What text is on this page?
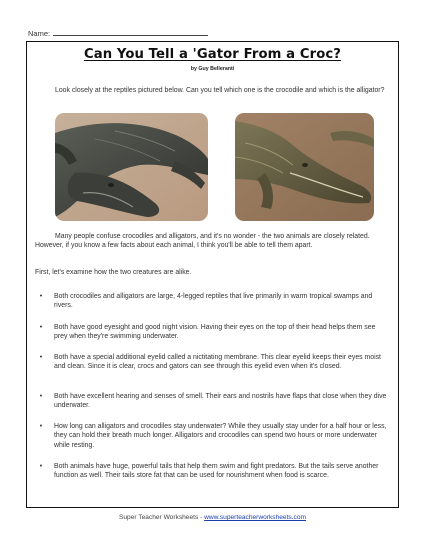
Name:
Can You Tell a 'Gator From a Croc?
by Guy Belleranti
Look closely at the reptiles pictured below. Can you tell which one is the crocodile and which is the alligator?
Many people confuse crocodiles and alligators, and it's no wonder - the two animals are closely related. However, if you know a few facts about each animal, I think you'll be able to tell them apart.
First, let's examine how the two creatures are alike.
• Both crocodiles and alligators are large, 4-legged reptiles that live primarily in warm tropical swamps and rivers.
• Both have good eyesight and good night vision. Having their eyes on the top of their head helps them see prey when they're swimming underwater.
• Both have a special additional eyelid called a nictitating membrane. This clear eyelid keeps their eyes moist and clean. Since it is clear, crocs and gators can see through this eyelid even when it's closed.
• Both have excellent hearing and senses of smell. Their ears and nostrils have flaps that close when they dive underwater.
• How long can alligators and crocodiles stay underwater? While they usually stay under for a half hour or less, they can hold their breath much longer. Alligators and crocodiles can spend two hours or more underwater while resting.
• Both animals have huge, powerful tails that help them swim and fight predators. But the tails serve another function as well. Their tails store fat that can be used for nourishment when food is scarce.
Super Teacher Worksheets - www.superteacherworksheets.com
